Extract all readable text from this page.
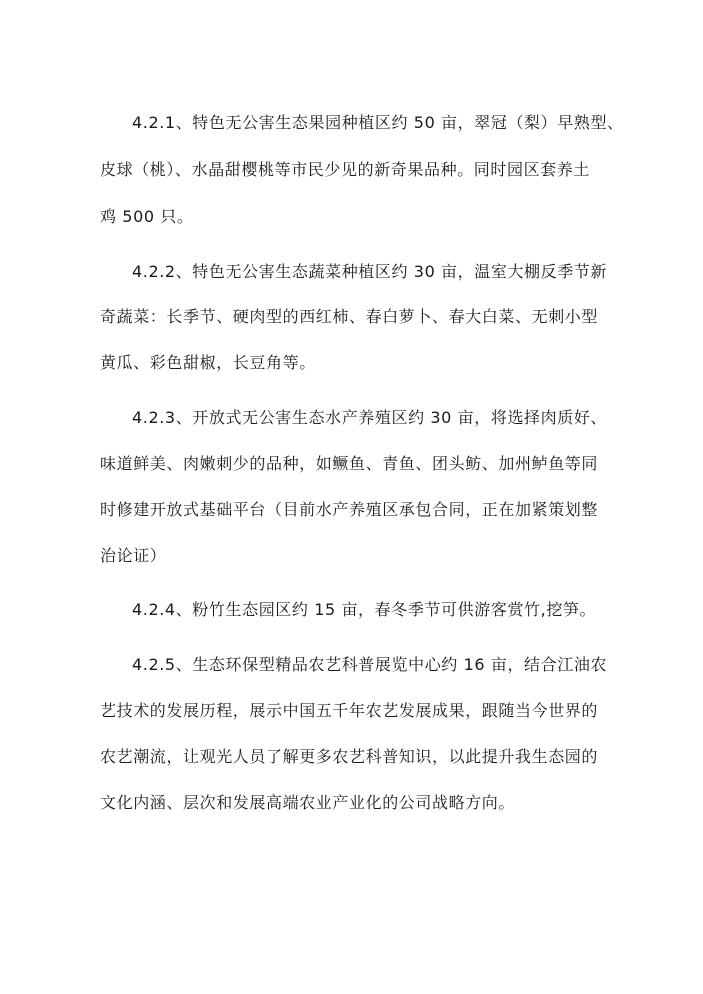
4.2.1、特色无公害生态果园种植区约 50 亩，翠冠（梨）早熟型、

皮球（桃）、水晶甜樱桃等市民少见的新奇果品种。同时园区套养土

鸡 500 只。

4.2.2、特色无公害生态蔬菜种植区约 30 亩，温室大棚反季节新

奇蔬菜：长季节、硬肉型的西红柿、春白萝卜、春大白菜、无刺小型

黄瓜、彩色甜椒，长豆角等。

4.2.3、开放式无公害生态水产养殖区约 30 亩，将选择肉质好、

味道鲜美、肉嫩刺少的品种，如鳜鱼、青鱼、团头鲂、加州鲈鱼等同

时修建开放式基础平台（目前水产养殖区承包合同，正在加紧策划整

治论证）

4.2.4、粉竹生态园区约 15 亩，春冬季节可供游客赏竹,挖笋。

4.2.5、生态环保型精品农艺科普展览中心约 16 亩，结合江油农

艺技术的发展历程，展示中国五千年农艺发展成果，跟随当今世界的

农艺潮流，让观光人员了解更多农艺科普知识，以此提升我生态园的

文化内涵、层次和发展高端农业产业化的公司战略方向。
